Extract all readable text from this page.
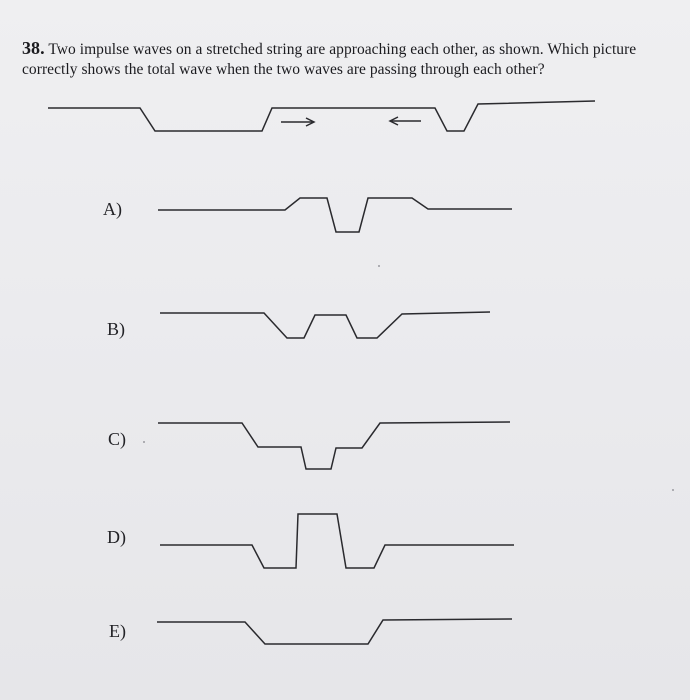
38. Two impulse waves on a stretched string are approaching each other, as shown. Which picture correctly shows the total wave when the two waves are passing through each other?
A)
B)
C)
D)
E)
